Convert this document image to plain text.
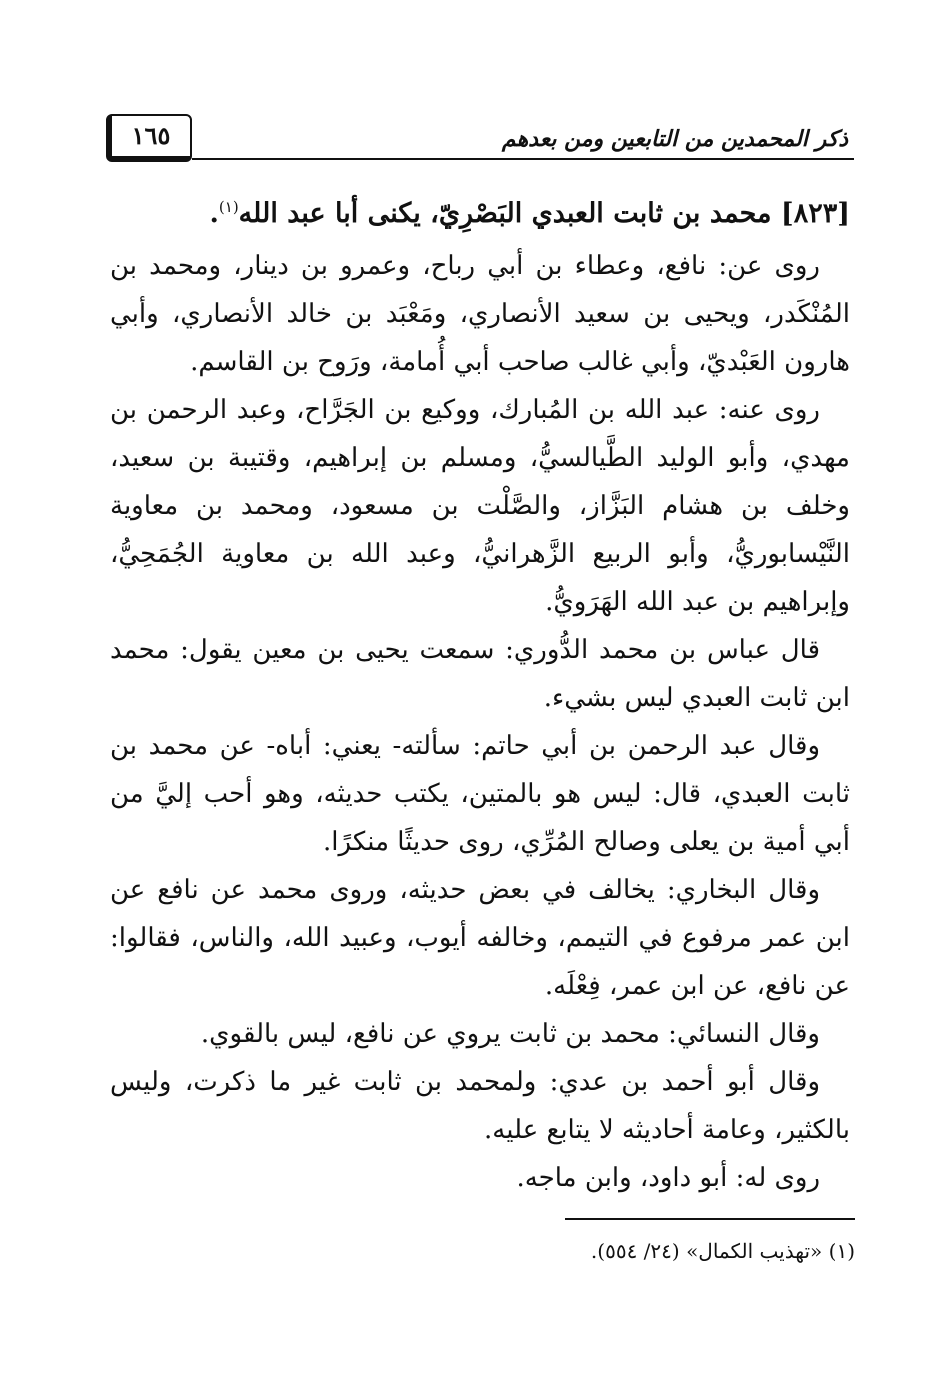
ذكر المحمدين من التابعين ومن بعدهم
١٦٥

[٨٢٣] محمد بن ثابت العبدي البَصْرِيّ، يكنى أبا عبد الله$^{(١)}$.

روى عن: نافع، وعطاء بن أبي رباح، وعمرو بن دينار، ومحمد بن المُنْكَدر، ويحيى بن سعيد الأنصاري، ومَعْبَد بن خالد الأنصاري، وأبي هارون العَبْديّ، وأبي غالب صاحب أبي أُمامة، ورَوح بن القاسم.

روى عنه: عبد الله بن المُبارك، ووكيع بن الجَرَّاح، وعبد الرحمن بن مهدي، وأبو الوليد الطَّيالسيُّ، ومسلم بن إبراهيم، وقتيبة بن سعيد، وخلف بن هشام البَزَّاز، والصَّلْت بن مسعود، ومحمد بن معاوية النَّيْسابوريُّ، وأبو الربيع الزَّهرانيُّ، وعبد الله بن معاوية الجُمَحِيُّ، وإبراهيم بن عبد الله الهَرَويُّ.

قال عباس بن محمد الدُّوري: سمعت يحيى بن معين يقول: محمد ابن ثابت العبدي ليس بشيء.

وقال عبد الرحمن بن أبي حاتم: سألته- يعني: أباه- عن محمد بن ثابت العبدي، قال: ليس هو بالمتين، يكتب حديثه، وهو أحب إليَّ من أبي أمية بن يعلى وصالح المُرِّي، روى حديثًا منكرًا.

وقال البخاري: يخالف في بعض حديثه، وروى محمد عن نافع عن ابن عمر مرفوع في التيمم، وخالفه أيوب، وعبيد الله، والناس، فقالوا: عن نافع، عن ابن عمر، فِعْلَه.

وقال النسائي: محمد بن ثابت يروي عن نافع، ليس بالقوي.

وقال أبو أحمد بن عدي: ولمحمد بن ثابت غير ما ذكرت، وليس بالكثير، وعامة أحاديثه لا يتابع عليه.

روى له: أبو داود، وابن ماجه.

(١) «تهذيب الكمال» (٢٤/ ٥٥٤).
